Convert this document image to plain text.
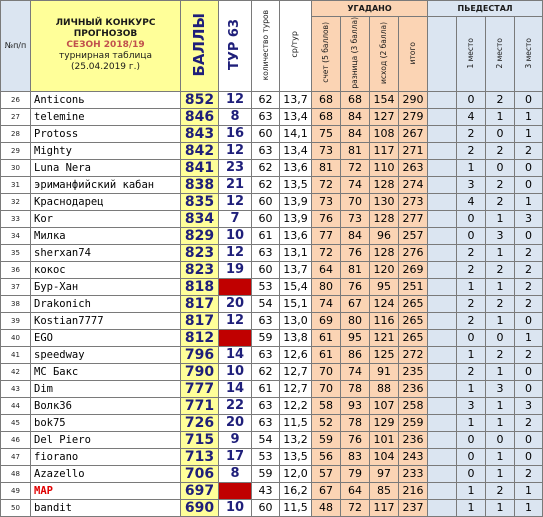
№п/п	ЛИЧНЫЙ КОНКУРС
ПРОГНОЗОВ
СЕЗОН 2018/19
турнирная таблица
(25.04.2019 г.)	БАЛЛЫ	ТУР 63	количество туров	ср/тур	УГАДАНО				ПЬЕДЕСТАЛ			
						счет (5 баллов)	разница (3 балла)	исход (2 балла)	итого		1 место	2 место	3 место
26	Anticonь	852	12	62	13,7	68	68	154	290		0	2	0
27	telemine	846	8	63	13,4	68	84	127	279		4	1	1
28	Protoss	843	16	60	14,1	75	84	108	267		2	0	1
29	Mighty	842	12	63	13,4	73	81	117	271		2	2	2
30	Luna Nera	841	23	62	13,6	81	72	110	263		1	0	0
31	эриманфийский кабан	838	21	62	13,5	72	74	128	274		3	2	0
32	Краснодарец	835	12	60	13,9	73	70	130	273		4	2	1
33	Kor	834	7	60	13,9	76	73	128	277		0	1	3
34	Милка	829	10	61	13,6	77	84	96	257		0	3	0
35	sherxan74	823	12	63	13,1	72	76	128	276		2	1	2
36	кокос	823	19	60	13,7	64	81	120	269		2	2	2
37	Бур-Хан	818		53	15,4	80	76	95	251		1	1	2
38	Drakonich	817	20	54	15,1	74	67	124	265		2	2	2
39	Kostian7777	817	12	63	13,0	69	80	116	265		2	1	0
40	EGO	812		59	13,8	61	95	121	265		0	0	1
41	speedway	796	14	63	12,6	61	86	125	272		1	2	2
42	MC Бакс	790	10	62	12,7	70	74	91	235		2	1	0
43	Dim	777	14	61	12,7	70	78	88	236		1	3	0
44	Волк36	771	22	63	12,2	58	93	107	258		3	1	3
45	bok75	726	20	63	11,5	52	78	129	259		1	1	2
46	Del Piero	715	9	54	13,2	59	76	101	236		0	0	0
47	fiorano	713	17	53	13,5	56	83	104	243		0	1	0
48	Azazello	706	8	59	12,0	57	79	97	233		0	1	2
49	MAP	697		43	16,2	67	64	85	216		1	2	1
50	bandit	690	10	60	11,5	48	72	117	237		1	1	1
